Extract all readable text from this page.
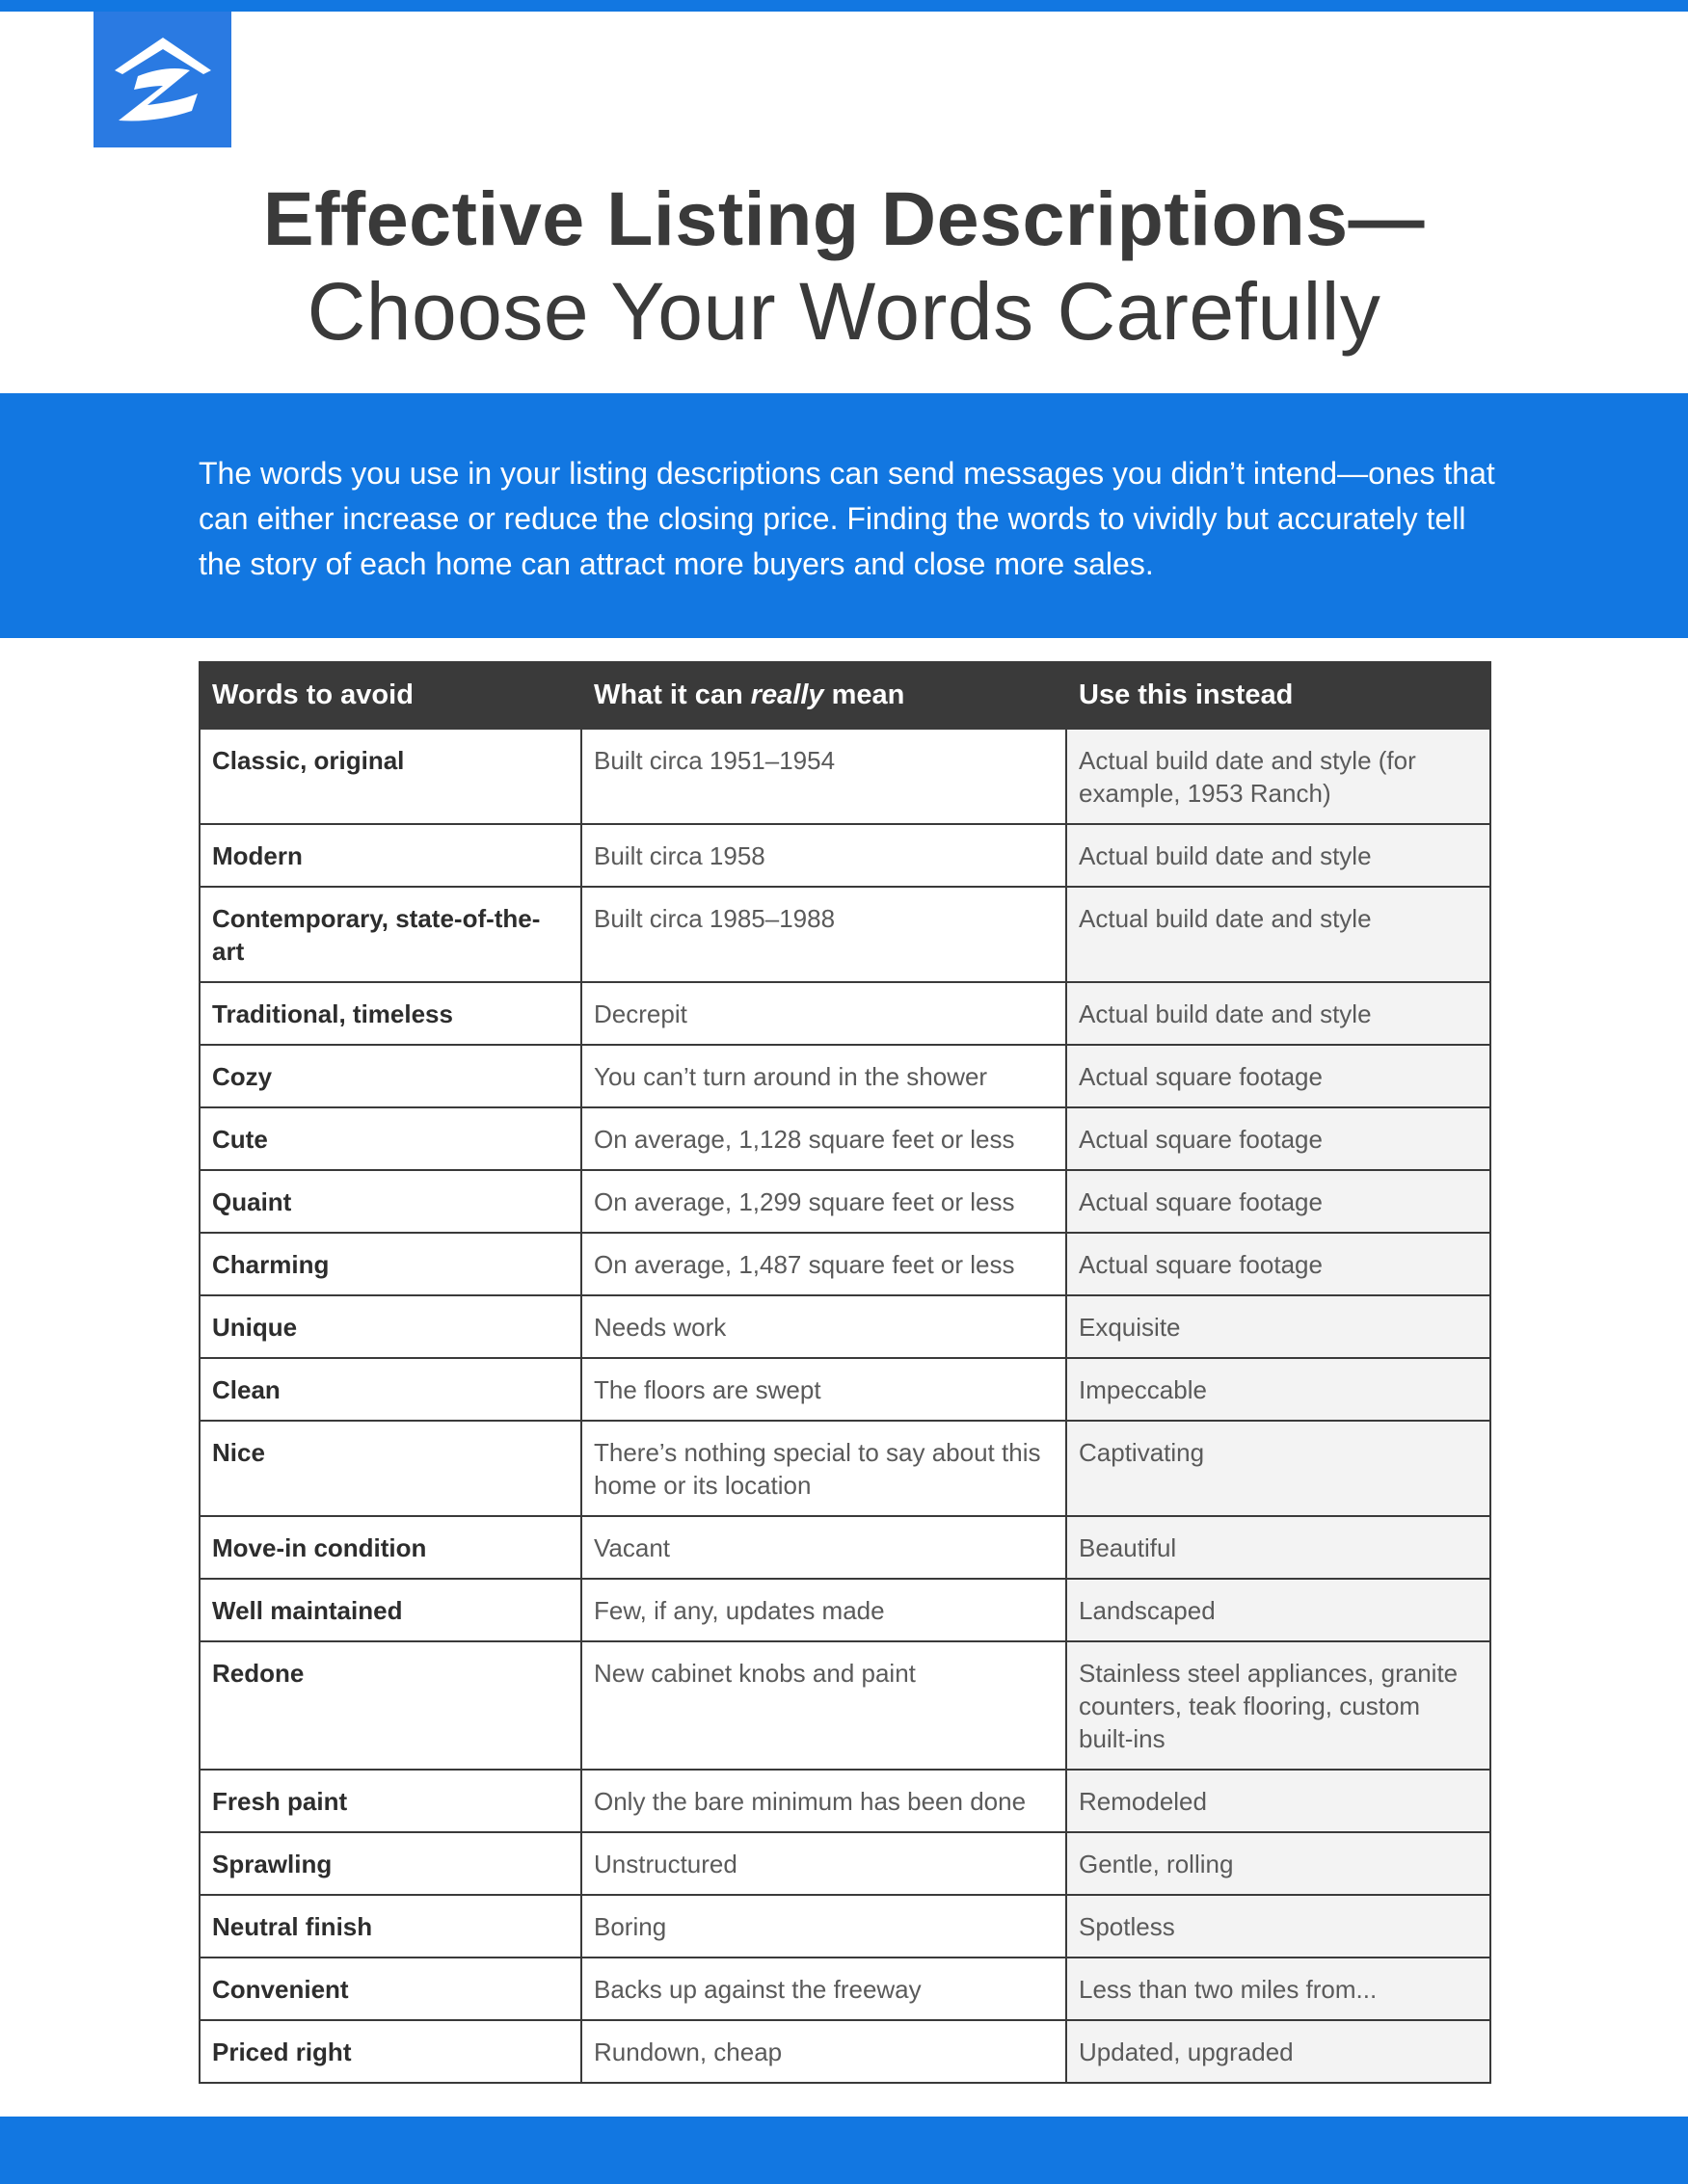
Effective Listing Descriptions—
Choose Your Words Carefully
The words you use in your listing descriptions can send messages you didn’t intend—ones that can either increase or reduce the closing price. Finding the words to vividly but accurately tell the story of each home can attract more buyers and close more sales.
Words to avoid	What it can really mean	Use this instead
Classic, original	Built circa 1951–1954	Actual build date and style (for example, 1953 Ranch)
Modern	Built circa 1958	Actual build date and style
Contemporary, state-of-the-art	Built circa 1985–1988	Actual build date and style
Traditional, timeless	Decrepit	Actual build date and style
Cozy	You can’t turn around in the shower	Actual square footage
Cute	On average, 1,128 square feet or less	Actual square footage
Quaint	On average, 1,299 square feet or less	Actual square footage
Charming	On average, 1,487 square feet or less	Actual square footage
Unique	Needs work	Exquisite
Clean	The floors are swept	Impeccable
Nice	There’s nothing special to say about this home or its location	Captivating
Move-in condition	Vacant	Beautiful
Well maintained	Few, if any, updates made	Landscaped
Redone	New cabinet knobs and paint	Stainless steel appliances, granite counters, teak flooring, custom built-ins
Fresh paint	Only the bare minimum has been done	Remodeled
Sprawling	Unstructured	Gentle, rolling
Neutral finish	Boring	Spotless
Convenient	Backs up against the freeway	Less than two miles from...
Priced right	Rundown, cheap	Updated, upgraded
